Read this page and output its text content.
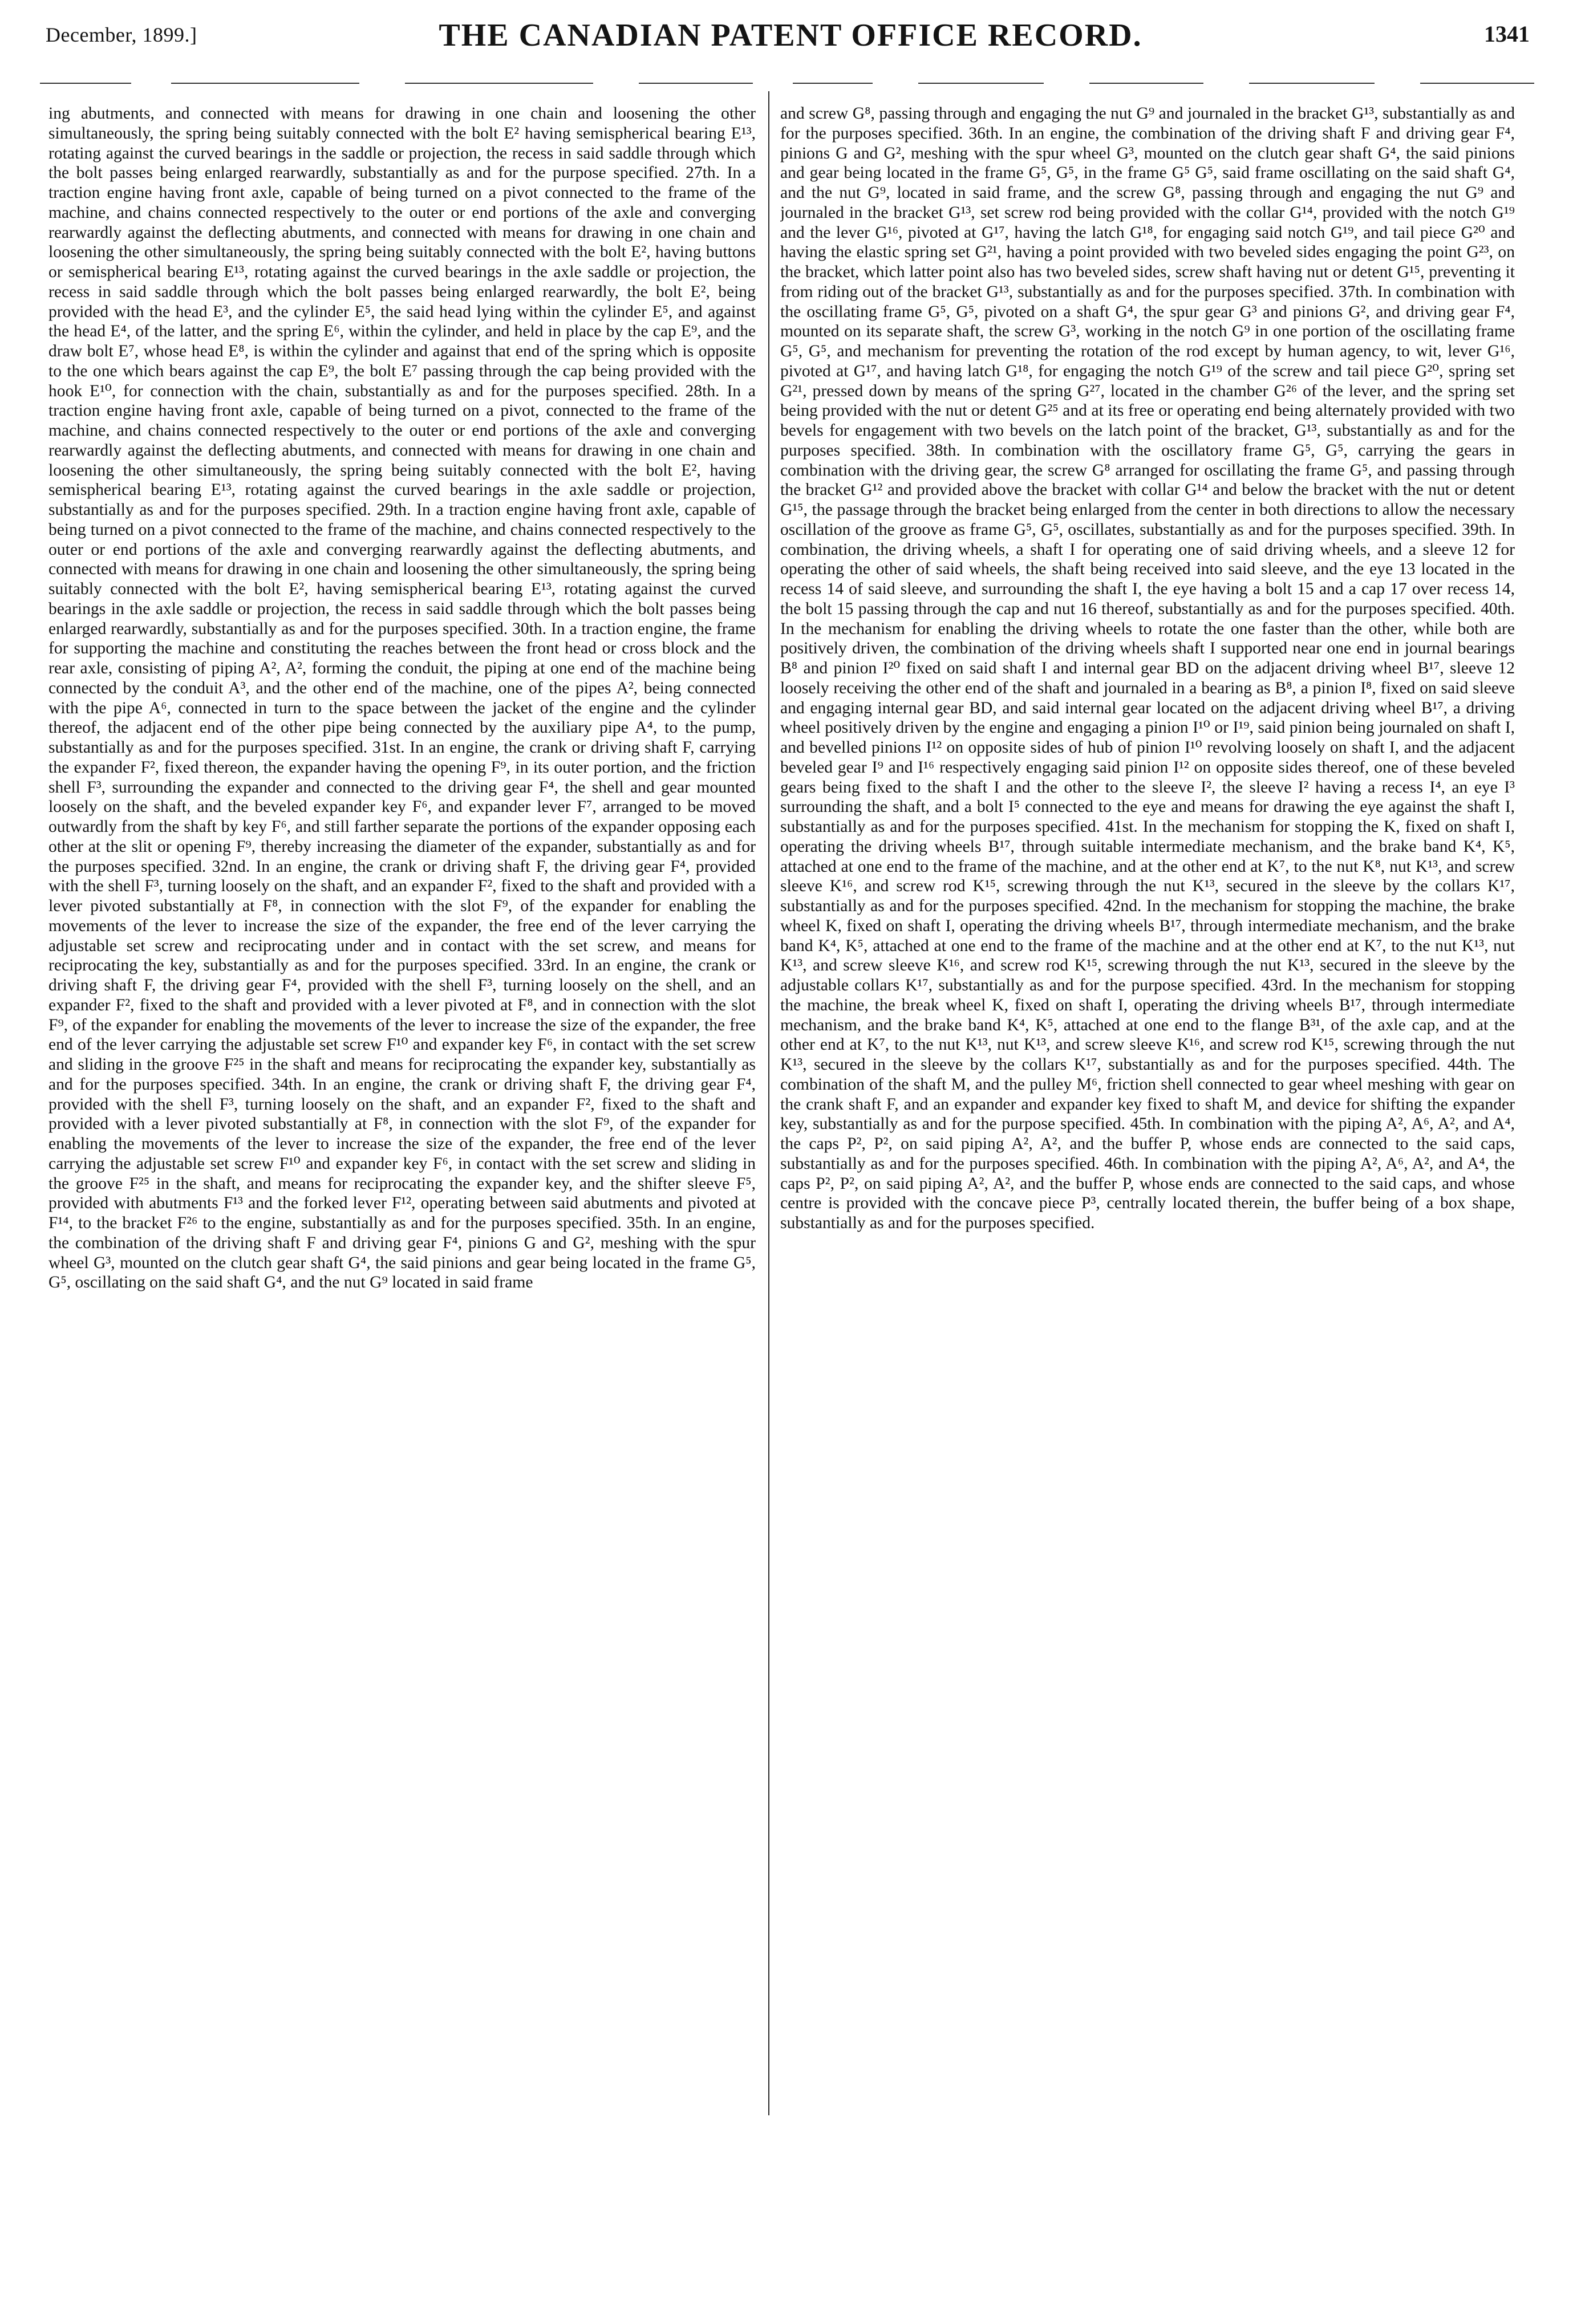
December, 1899.]	THE CANADIAN PATENT OFFICE RECORD.	1341

ing abutments, and connected with means for drawing in one chain and loosening the other simultaneously, the spring being suitably connected with the bolt E² having semispherical bearing E¹³, rotating against the curved bearings in the saddle or projection, the recess in said saddle through which the bolt passes being enlarged rearwardly, substantially as and for the purpose specified. 27th. In a traction engine having front axle, capable of being turned on a pivot connected to the frame of the machine, and chains connected respectively to the outer or end portions of the axle and converging rearwardly against the deflecting abutments, and connected with means for drawing in one chain and loosening the other simultaneously, the spring being suitably connected with the bolt E², having buttons or semispherical bearing E¹³, rotating against the curved bearings in the axle saddle or projection, the recess in said saddle through which the bolt passes being enlarged rearwardly, the bolt E², being provided with the head E³, and the cylinder E⁵, the said head lying within the cylinder E⁵, and against the head E⁴, of the latter, and the spring E⁶, within the cylinder, and held in place by the cap E⁹, and the draw bolt E⁷, whose head E⁸, is within the cylinder and against that end of the spring which is opposite to the one which bears against the cap E⁹, the bolt E⁷ passing through the cap being provided with the hook E¹⁰, for connection with the chain, substantially as and for the purposes specified. 28th. In a traction engine having front axle, capable of being turned on a pivot, connected to the frame of the machine, and chains connected respectively to the outer or end portions of the axle and converging rearwardly against the deflecting abutments, and connected with means for drawing in one chain and loosening the other simultaneously, the spring being suitably connected with the bolt E², having semispherical bearing E¹³, rotating against the curved bearings in the axle saddle or projection, substantially as and for the purposes specified. 29th. In a traction engine having front axle, capable of being turned on a pivot connected to the frame of the machine, and chains connected respectively to the outer or end portions of the axle and converging rearwardly against the deflecting abutments, and connected with means for drawing in one chain and loosening the other simultaneously, the spring being suitably connected with the bolt E², having semispherical bearing E¹³, rotating against the curved bearings in the axle saddle or projection, the recess in said saddle through which the bolt passes being enlarged rearwardly, substantially as and for the purposes specified. 30th. In a traction engine, the frame for supporting the machine and constituting the reaches between the front head or cross block and the rear axle, consisting of piping A², A², forming the conduit, the piping at one end of the machine being connected by the conduit A³, and the other end of the machine, one of the pipes A², being connected with the pipe A⁶, connected in turn to the space between the jacket of the engine and the cylinder thereof, the adjacent end of the other pipe being connected by the auxiliary pipe A⁴, to the pump, substantially as and for the purposes specified. 31st. In an engine, the crank or driving shaft F, carrying the expander F², fixed thereon, the expander having the opening F⁹, in its outer portion, and the friction shell F³, surrounding the expander and connected to the driving gear F⁴, the shell and gear mounted loosely on the shaft, and the beveled expander key F⁶, and expander lever F⁷, arranged to be moved outwardly from the shaft by key F⁶, and still farther separate the portions of the expander opposing each other at the slit or opening F⁹, thereby increasing the diameter of the expander, substantially as and for the purposes specified. 32nd. In an engine, the crank or driving shaft F, the driving gear F⁴, provided with the shell F³, turning loosely on the shaft, and an expander F², fixed to the shaft and provided with a lever pivoted substantially at F⁸, in connection with the slot F⁹, of the expander for enabling the movements of the lever to increase the size of the expander, the free end of the lever carrying the adjustable set screw and reciprocating under and in contact with the set screw, and means for reciprocating the key, substantially as and for the purposes specified. 33rd. In an engine, the crank or driving shaft F, the driving gear F⁴, provided with the shell F³, turning loosely on the shell, and an expander F², fixed to the shaft and provided with a lever pivoted at F⁸, and in connection with the slot F⁹, of the expander for enabling the movements of the lever to increase the size of the expander, the free end of the lever carrying the adjustable set screw F¹⁰ and expander key F⁶, in contact with the set screw and sliding in the groove F²⁵ in the shaft and means for reciprocating the expander key, substantially as and for the purposes specified. 34th. In an engine, the crank or driving shaft F, the driving gear F⁴, provided with the shell F³, turning loosely on the shaft, and an expander F², fixed to the shaft and provided with a lever pivoted substantially at F⁸, in connection with the slot F⁹, of the expander for enabling the movements of the lever to increase the size of the expander, the free end of the lever carrying the adjustable set screw F¹⁰ and expander key F⁶, in contact with the set screw and sliding in the groove F²⁵ in the shaft, and means for reciprocating the expander key, and the shifter sleeve F⁵, provided with abutments F¹³ and the forked lever F¹², operating between said abutments and pivoted at F¹⁴, to the bracket F²⁶ to the engine, substantially as and for the purposes specified. 35th. In an engine, the combination of the driving shaft F and driving gear F⁴, pinions G and G², meshing with the spur wheel G³, mounted on the clutch gear shaft G⁴, the said pinions and gear being located in the frame G⁵, G⁵, oscillating on the said shaft G⁴, and the nut G⁹ located in said frame

and screw G⁸, passing through and engaging the nut G⁹ and journaled in the bracket G¹³, substantially as and for the purposes specified. 36th. In an engine, the combination of the driving shaft F and driving gear F⁴, pinions G and G², meshing with the spur wheel G³, mounted on the clutch gear shaft G⁴, the said pinions and gear being located in the frame G⁵, G⁵, in the frame G⁵ G⁵, said frame oscillating on the said shaft G⁴, and the nut G⁹, located in said frame, and the screw G⁸, passing through and engaging the nut G⁹ and journaled in the bracket G¹³, set screw rod being provided with the collar G¹⁴, provided with the notch G¹⁹ and the lever G¹⁶, pivoted at G¹⁷, having the latch G¹⁸, for engaging said notch G¹⁹, and tail piece G²⁰ and having the elastic spring set G²¹, having a point provided with two beveled sides engaging the point G²³, on the bracket, which latter point also has two beveled sides, screw shaft having nut or detent G¹⁵, preventing it from riding out of the bracket G¹³, substantially as and for the purposes specified. 37th. In combination with the oscillating frame G⁵, G⁵, pivoted on a shaft G⁴, the spur gear G³ and pinions G², and driving gear F⁴, mounted on its separate shaft, the screw G³, working in the notch G⁹ in one portion of the oscillating frame G⁵, G⁵, and mechanism for preventing the rotation of the rod except by human agency, to wit, lever G¹⁶, pivoted at G¹⁷, and having latch G¹⁸, for engaging the notch G¹⁹ of the screw and tail piece G²⁰, spring set G²¹, pressed down by means of the spring G²⁷, located in the chamber G²⁶ of the lever, and the spring set being provided with the nut or detent G²⁵ and at its free or operating end being alternately provided with two bevels for engagement with two bevels on the latch point of the bracket, G¹³, substantially as and for the purposes specified. 38th. In combination with the oscillatory frame G⁵, G⁵, carrying the gears in combination with the driving gear, the screw G⁸ arranged for oscillating the frame G⁵, and passing through the bracket G¹² and provided above the bracket with collar G¹⁴ and below the bracket with the nut or detent G¹⁵, the passage through the bracket being enlarged from the center in both directions to allow the necessary oscillation of the groove as frame G⁵, G⁵, oscillates, substantially as and for the purposes specified. 39th. In combination, the driving wheels, a shaft I for operating one of said driving wheels, and a sleeve 12 for operating the other of said wheels, the shaft being received into said sleeve, and the eye 13 located in the recess 14 of said sleeve, and surrounding the shaft I, the eye having a bolt 15 and a cap 17 over recess 14, the bolt 15 passing through the cap and nut 16 thereof, substantially as and for the purposes specified. 40th. In the mechanism for enabling the driving wheels to rotate the one faster than the other, while both are positively driven, the combination of the driving wheels shaft I supported near one end in journal bearings B⁸ and pinion I²⁰ fixed on said shaft I and internal gear BD on the adjacent driving wheel B¹⁷, sleeve 12 loosely receiving the other end of the shaft and journaled in a bearing as B⁸, a pinion I⁸, fixed on said sleeve and engaging internal gear BD, and said internal gear located on the adjacent driving wheel B¹⁷, a driving wheel positively driven by the engine and engaging a pinion I¹⁰ or I¹⁹, said pinion being journaled on shaft I, and bevelled pinions I¹² on opposite sides of hub of pinion I¹⁰ revolving loosely on shaft I, and the adjacent beveled gear I⁹ and I¹⁶ respectively engaging said pinion I¹² on opposite sides thereof, one of these beveled gears being fixed to the shaft I and the other to the sleeve I², the sleeve I² having a recess I⁴, an eye I³ surrounding the shaft, and a bolt I⁵ connected to the eye and means for drawing the eye against the shaft I, substantially as and for the purposes specified. 41st. In the mechanism for stopping the K, fixed on shaft I, operating the driving wheels B¹⁷, through suitable intermediate mechanism, and the brake band K⁴, K⁵, attached at one end to the frame of the machine, and at the other end at K⁷, to the nut K⁸, nut K¹³, and screw sleeve K¹⁶, and screw rod K¹⁵, screwing through the nut K¹³, secured in the sleeve by the collars K¹⁷, substantially as and for the purposes specified. 42nd. In the mechanism for stopping the machine, the brake wheel K, fixed on shaft I, operating the driving wheels B¹⁷, through intermediate mechanism, and the brake band K⁴, K⁵, attached at one end to the frame of the machine and at the other end at K⁷, to the nut K¹³, nut K¹³, and screw sleeve K¹⁶, and screw rod K¹⁵, screwing through the nut K¹³, secured in the sleeve by the adjustable collars K¹⁷, substantially as and for the purpose specified. 43rd. In the mechanism for stopping the machine, the break wheel K, fixed on shaft I, operating the driving wheels B¹⁷, through intermediate mechanism, and the brake band K⁴, K⁵, attached at one end to the flange B³¹, of the axle cap, and at the other end at K⁷, to the nut K¹³, nut K¹³, and screw sleeve K¹⁶, and screw rod K¹⁵, screwing through the nut K¹³, secured in the sleeve by the collars K¹⁷, substantially as and for the purposes specified. 44th. The combination of the shaft M, and the pulley M⁶, friction shell connected to gear wheel meshing with gear on the crank shaft F, and an expander and expander key fixed to shaft M, and device for shifting the expander key, substantially as and for the purpose specified. 45th. In combination with the piping A², A⁶, A², and A⁴, the caps P², P², on said piping A², A², and the buffer P, whose ends are connected to the said caps, substantially as and for the purposes specified. 46th. In combination with the piping A², A⁶, A², and A⁴, the caps P², P², on said piping A², A², and the buffer P, whose ends are connected to the said caps, and whose centre is provided with the concave piece P³, centrally located therein, the buffer being of a box shape, substantially as and for the purposes specified.
